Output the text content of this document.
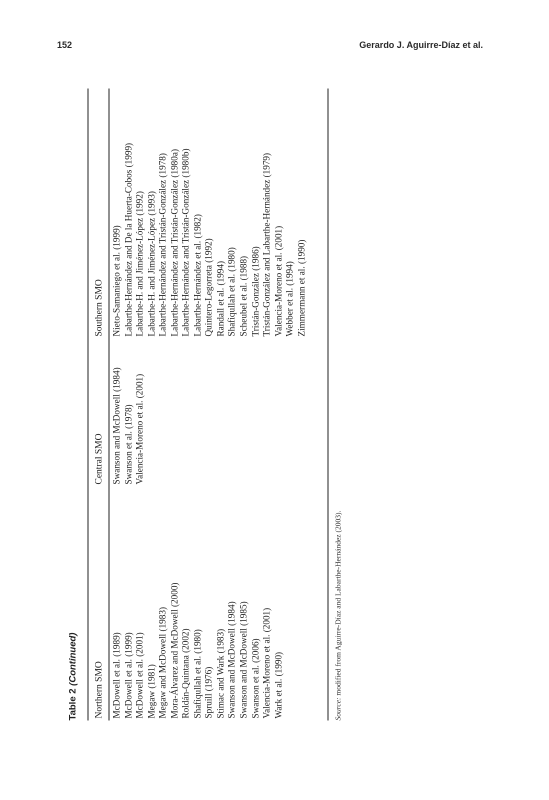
152	Gerardo J. Aguirre-Díaz et al.
Table 2 (Continued)
Northern SMO
Central SMO
Southern SMO
McDowell et al. (1989) McDowell et al. (1999) McDowell et al. (2001) Megaw (1981) Megaw and McDowell (1983) Mora-Álvarez and McDowell (2000) Roldán-Quintana (2002) Shafiqullah et al. (1980) Spruill (1976) Stimac and Wark (1983) Swanson and McDowell (1984) Swanson and McDowell (1985) Swanson et al. (2006) Valencia-Moreno et al. (2001) Wark et al. (1990)
Swanson and McDowell (1984) Swanson et al. (1978) Valencia-Moreno et al. (2001)
Nieto-Samaniego et al. (1999) Labarthe-Hernández and De la Huerta-Cobos (1999) Labarthe-H. and Jiménez-López (1992) Labarthe-H. and Jiménez-López (1993) Labarthe-Hernández and Tristán-González (1978) Labarthe-Hernández and Tristán-González (1980a) Labarthe-Hernández and Tristán-González (1980b) Labarthe-Hernández et al. (1982) Quintero-Legorreta (1992) Randall et al. (1994) Shafiqullah et al. (1980) Scheubel et al. (1988) Tristán-González (1986) Tristán-González and Labarthe-Hernández (1979) Valencia-Moreno et al. (2001) Webber et al. (1994) Zimmermann et al. (1990)
Source: modified from Aguirre-Díaz and Labarthe-Hernández (2003).
